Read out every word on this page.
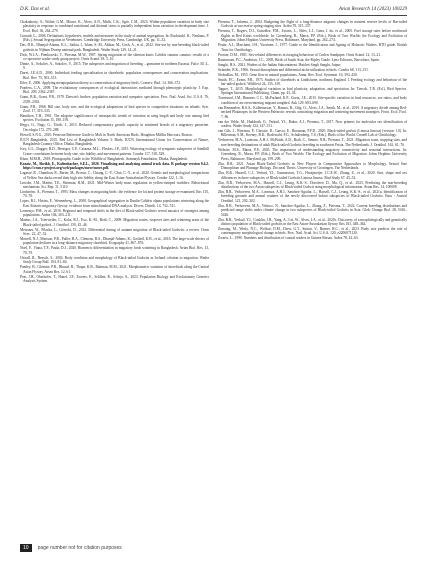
D.K. Das et al.	Avian Research 14 (2023) 100229
Chakraborty, A., Walter, G.M., Monro, K., Alves, A.N., Mirth, C.K., Sgrò, C.M., 2023. Within-population variation in body size plasticity in response to combined nutritional and thermal stress is partially independent from variation in development time. J. Evol. Biol. 36, 264–279.
Conradt, L., 2006. Definitions, hypotheses, models and measures in the study of animal segregation. In: Ruckstuhl, K., Neuhaus, P. (Eds.), Sexual Segregation in Vertebrates. Cambridge University Press, Cambridge, UK, pp. 11–32.
Das, D.K., Dhanjal-Adams, K.L., Saikia, I., Islam, S.-M., Akhtar, M., Gosh, A., et al., 2022. Site use by non-breeding black-tailed godwits in Nijhum Dweep national park, Bangladesh. Wader Study 129, 14–21.
Dick, W.J.A., Pienkowski, T., Piersma, M.W., 1987. Spring migration of the siberian knots Calidris canutus canutus: results of a co-operative wader study group project. Ornis Scand. 18, 5–16.
Dimie, A., Sokolov, A., Sokolov, V., 2015. The subspecies and migration of breeding ...gomarine in northern Eurasia. Falco 30, 4–9.
Duret, J.E.A.D., 2000. Individual feeding specialisation in shorebirds: population consequences and conservation implications. Biol. Rev. 75, 503–513.
Eiler, F., 2006. Applying metapopulation theory to conservation of migratory birds. Conserv. Biol. 14, 366–372.
Fearless, C.A., 2009. The evolutionary consequences of ecological interactions mediated through phenotypic plasticity. J. Exp. Biol. 209, 2362–2367.
Grant, B.R., Grant, P.R., 1979. Darwin's finches: population variation and sympatric speciation. Proc. Natl. Acad. Sci. U.S.A. 76, 2359–2363.
Grant, P.R., 1968. Bill size, body size, and the ecological adaptations of bird species to competitive situations on islands. Syst. Zool. 17, 319–333.
Hamilton, T.H., 1961. The adaptive significances of intraspecific trends of variation in wing length and body size among bird species. Evolution 15, 180–195.
Hegyi, G., Nagy, G., Török, J., 2013. Reduced compensatory growth capacity in mistimed broods of a migratory passerine. Oecologia 172, 279–288.
Howell, S.N.G., 2010. Peterson Reference Guide to Molt in North American Birds. Houghton Mifflin Harcourt, Boston.
IUCN Bangladesh, 2015. Red List of Bangladesh Volume 3: Birds. IUCN, International Union for Conservation of Nature, Bangladesh Country Office, Dhaka, Bangladesh.
Ivey, G.L., Dugger, B.D., Herziger, C.P., Casazza, M.L., Fleskes, J.P., 2015. Wintering ecology of sympatric subspecies of Sandhill Crane: correlations between body size, site fidelity, and movement patterns. Condor 117, 518–529.
Khan, M.M.H., 2018. Photographic Guide to the Wildlife of Bangladesh. Arannayk Foundation, Dhaka, Bangladesh.
Kraatz, M., Sheikh, E., Kaltenbacher, S.E.L., 2020. Visualising and analysing animal track data. R package version 0.4.2. https://cran.r-project.org/web/packages/move/move.pdf.
Lagassé, R., Chambon, R., Barter, M., Brown, C., Chiang, C.-Y., Choi, C.-Y., et al., 2020. Genetic and morphological comparisons of Yellow Sea ducks reveal their high site fidelity along the East Asian-Australasian Flyway. Condor 122, 1–16.
Lincoln, J.M., Martin, T.E., Sherman, R.M., 2021. Mid-Winter body mass regulation in yellow-rumped warblers: Behavioural mechanism. Sci. Rep. 11, 5110.
Lindström, Å., Piersma, T., 1993. Mass changes in migrating birds: the evidence for fat and protein storage re-examined. Ibis 135, 70–78.
Lopes, R.J., Hortas, F., Wennerberg, L., 2008. Geographical segregation in Dunlin Calidris alpina populations wintering along the East Atlantic migratory flyway: evidence from mitochondrial DNA analysis. Divers. Distrib. 14, 732–741.
Lourenço, P.M., et al., 2016. Regional and temporal shifts in the diet of Black-tailed Godwits reveal mosaics of strategies among populations. Ardea 104, 203–211.
Mateus, J.A., Trierweiler, C., Koks, B.J., Exo, K.-M., Both, C., 2009. Migration routes, stopover sites and wintering areas of the Black-tailed godwit. J. Ornithol. 150, 45–46.
Meissner, W., Pilacka, L., Górecki, D., 2012. Differential timing of autumn migration of Black-tailed Godwits: a review. Ornis Svec. 22, 47–52.
Morrell, N.J., Mattson, P.R., Fuller, R.A., Clemens, R.S., Dhanjal-Adams, K., Gosbell, K.B., et al., 2016. The large-scale drivers of population declines in a long-distance migratory shorebird. Ecography 41, 867–876.
Noel, F., Viana, T.F., Paula, D.J., 2020. Biometric differentiation in migratory birds wintering in Bangladesh. Avian Biol. Res. 13, 70–79.
Ottvall, R., Bensch, S., 2004. Body condition and morphology of Black-tailed Godwits in Iceland: relation to migration. Wader Study Group Bull. 104, 81–84.
Pandey, B., Ghimire, P.R., Bhusal, R., Thapa, K.B., Rahman, M.M., 2021. Morphometric variation of shorebirds along the Central Asian Flyway. Avian Res. 12, 61.
Peat, J.H., Oberhofer, T., Hanel, J.F., Zweers, E., Schllen, R., Scheja, A., 2023. Population Biology and Evolutionary Genetics Analysis System.
Piersma, T., Jukema, J., 2002. Budgeting the flight of a long-distance migrant: changes in nutrient reserve levels of Bar-tailed Godwits at successive spring staging sites. Ardea 78, 315–337.
Piersma, T., Rogers, D.I., González, P.M., Zwarts, L., Niles, L.J., Lima, I. do, et al., 2005. Fuel storage rates before northward flights in Red Knots worldwide. In: Greenberg, R., Marra, P.P. (Eds.), Birds of Two Worlds: the Ecology and Evolution of Migration. Johns Hopkins University Press, Baltimore, Maryland, pp. 262–274.
Prater, A.J., Marchant, J.H., Vuorinen, J., 1977. Guide to the Identification and Ageing of Holarctic Waders. BTO guide. British Trust for Ornithology.
Prosser, D.M., 1981. Sex-related differences in foraging behaviour of Curlew Sandpiper. Ornis Scand. 12, 13–21.
Rasmussen, P.C., Anderton, J.C., 2005. Birds of South Asia: the Ripley Guide. Lynx Edicions, Barcelona, Spain.
Sanghi, H.S., 2021. Waders of the Indian Subcontinent. Hatchet Singh Sanghi, Jaipur.
Selander, R.K., 1966. Sexual dimorphism and differential niche utilization in birds. Condor 68, 113–151.
Slobodkin, M., 1955. Gene flow in natural populations. Annu. Rev. Ecol. Systemat. 16, 393–430.
Smith, P.C., Evans, P.R., 1973. Studies of shorebirds at Lindisfarne, northeast England. I. Feeding ecology and behaviour of the bar-tailed godwit. Wildfowl 24, 135–139.
Tapper, T., 2015. Morphological variation in bird plasticity, adaptation, and speciation. In: Tiersch, T.R. (Ed.), Bird Species. Springer International Publishing, Cham, pp. 43–54.
Townsend, J.M., Rimmer, C.C., McFarland, K.P., Goetz, J.E., 2015. Site-specific variation in food resources, sex ratios, and body condition of an overwintering migrant songbird. Auk 129, 683–690.
van Bemmelen, R.S.A., Kolbeinsson, Y., Ramos, R., Gilg, O., Alves, J.A., Smith, M., et al., 2019. A migratory divide among Red-necked Phalaropes in the Western Palearctic reveals contrasting migration and wintering movement strategies. Front. Ecol. Evol. 7, 86.
van der Velde, M., Haddrath, O., Verkuil, Y.I., Baker, A.J., Piersma, T., 2017. New primers for molecular sex identification of waders. Wader Study 124, 147–151.
van Gils, J., Wiersma, P., Christie, D., Garcia, E., Boesman, P.F.D., 2020. Black-tailed godwit (Limosa limosa) (version 1.0). In: Billerman, S.M., Keeney, B.K., Rodewald, P.G., Schulenberg, T.S. (Eds.), Birds of the World. Cornell Lab of Ornithology.
Verhoeven, M.A., Loonstra, A.H.J., McBride, A.D., Both, C., Senner, N.R., Piersma, T., 2021. Migration route, stopping sites, and non-breeding destinations of adult Black-tailed Godwits breeding in southwest Frisia, The Netherlands. J. Ornithol. 162, 61–76.
Webster, M.S., Marra, P.P., 2005. The importance of understanding migratory connectivity and seasonal interactions. In: Greenberg, R., Marra, P.P. (Eds.), Birds of Two Worlds: The Ecology and Evolution of Migration. Johns Hopkins University Press, Baltimore, Maryland, pp. 199–209.
Zhu, B.R., 2021. Asian Black-Tailed Godwits as New Players in Comparative Approaches to Morphology, Sexual Size Dimorphism and Plumage Biology. Doctoral Thesis. University of Groningen, The Netherlands.
Zhu, B.R., Hassell, C.J., Verkuil, Y.I., Gunnarsson, T.G., Hooijmeijer, J.C.E.W., Zhang, Z., et al., 2020. Size, shape and sex differences in three subspecies of Black-tailed Godwits Limosa limosa. Bird Study 67, 45–52.
Zhu, B.R., Verhoeven, M.A., Hassell, C.J., Leung, K.K.-S., Dorofeev, D., Ma, Q., et al., 2023. Predicting the non-breeding distributions of the two Asian subspecies of Black-tailed Godwit using morphological information. Avian Res. 14, 100008.
Zhu, B.R., Verhoeven, M.A., Loonstra, A.H.J., Sanchez-Aguilar, L., Hassell, C.J., Leung, K.K.-S., et al., 2021a. Identification of breeding grounds and annual routines of the newly discovered bohaii subspecies of Black-tailed Godwits. Emu - Austral Ornithol. 121, 292–302.
Zhu, B.R., Verhoeven, M.A., Velasco, N., Sanchez-Aguilar, L., Zhang, Z., Piersma, T., 2022. Current breeding distributions and predicted range shifts under climate change in two subspecies of Black-tailed Godwits in Asia. Glob. Change Biol. 28, 5416–5426.
Zhu, B.R., Verkuil, Y.I., Conklin, J.R., Yang, A., Lei, W., Alves, J.A., et al., 2021b. Discovery of a morphologically and genetically distinct population of Black-tailed godwits in the East Asian-Australasian flyway. Ibis 163, 448–462.
Zinsstag, M., Wesly, N.C., Wollsat, D.M., Drew, G.T., Sutton, V., Burner, R.C., et al., 2023. Body size predicts the rate of contemporary morphological change in birds. Proc. Natl. Acad. Sci. U.S.A. 120, e2206971120.
Zwarts, L., 1990. Numbers and distribution of coastal waders in Guinea-Bissau. Ardea 78, 42–63.
10	page number not for citation purposes
